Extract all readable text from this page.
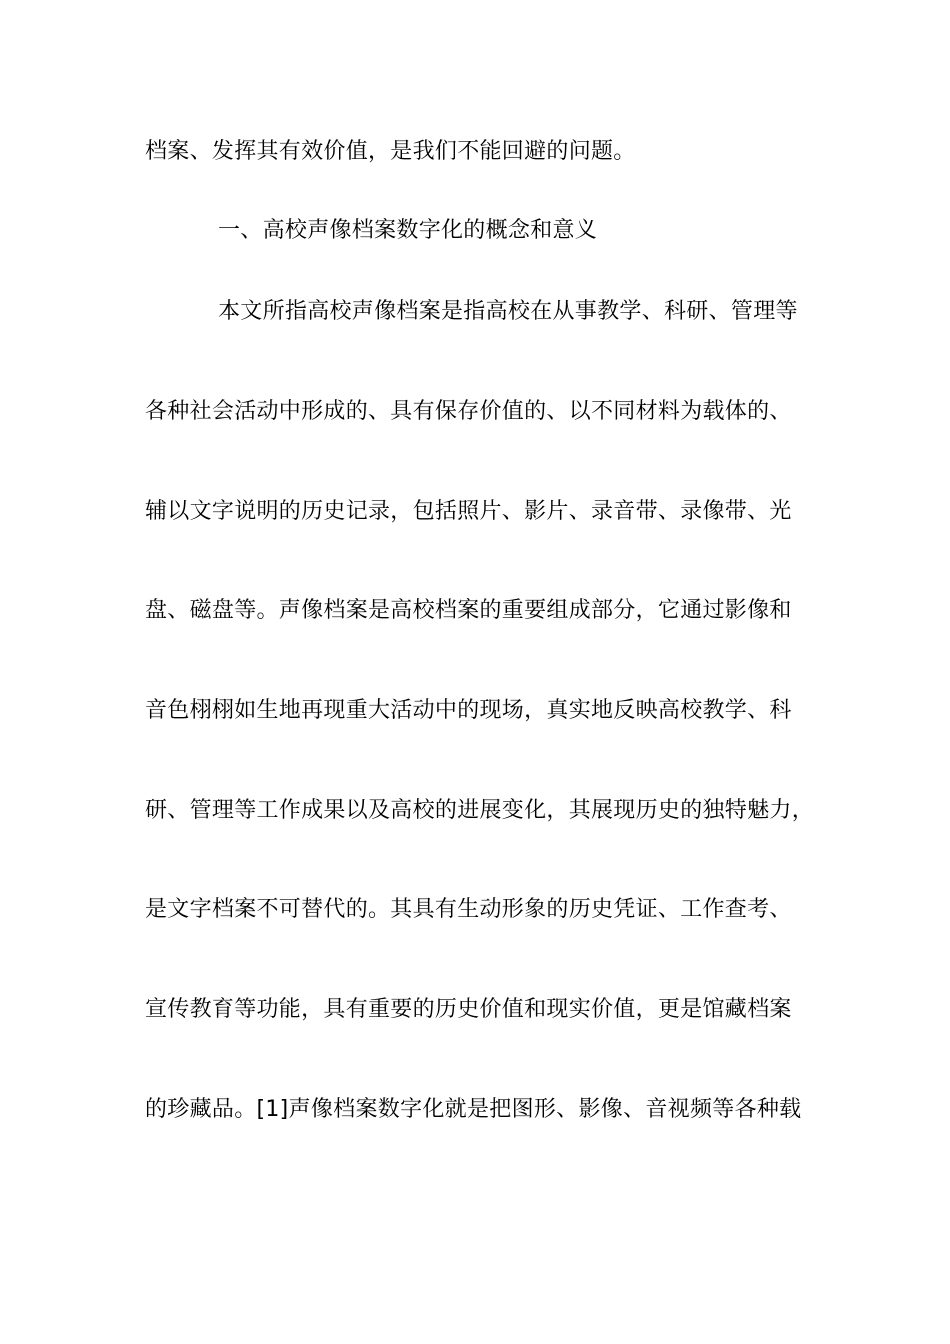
档案、发挥其有效价值，是我们不能回避的问题。
一、高校声像档案数字化的概念和意义
本文所指高校声像档案是指高校在从事教学、科研、管理等
各种社会活动中形成的、具有保存价值的、以不同材料为载体的、
辅以文字说明的历史记录，包括照片、影片、录音带、录像带、光
盘、磁盘等。声像档案是高校档案的重要组成部分，它通过影像和
音色栩栩如生地再现重大活动中的现场，真实地反映高校教学、科
研、管理等工作成果以及高校的进展变化，其展现历史的独特魅力，
是文字档案不可替代的。其具有生动形象的历史凭证、工作查考、
宣传教育等功能，具有重要的历史价值和现实价值，更是馆藏档案
的珍藏品。[1]声像档案数字化就是把图形、影像、音视频等各种载
